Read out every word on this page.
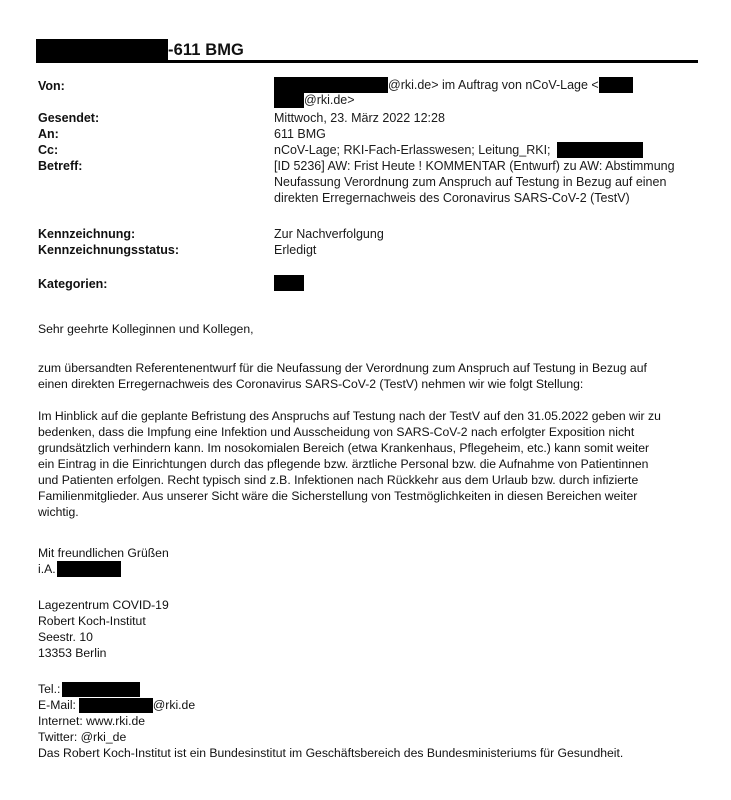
-611 BMG
Von:	@rki.de> im Auftrag von nCoV-Lage <
@rki.de>
Gesendet:	Mittwoch, 23. März 2022 12:28
An:	611 BMG
Cc:	nCoV-Lage; RKI-Fach-Erlasswesen; Leitung_RKI;
Betreff:	[ID 5236] AW: Frist Heute ! KOMMENTAR (Entwurf) zu AW: Abstimmung
Neufassung Verordnung zum Anspruch auf Testung in Bezug auf einen
direkten Erregernachweis des Coronavirus SARS-CoV-2 (TestV)
Kennzeichnung:	Zur Nachverfolgung
Kennzeichnungsstatus:	Erledigt
Kategorien:
Sehr geehrte Kolleginnen und Kollegen,
zum übersandten Referentenentwurf für die Neufassung der Verordnung zum Anspruch auf Testung in Bezug auf
einen direkten Erregernachweis des Coronavirus SARS-CoV-2 (TestV) nehmen wir wie folgt Stellung:
Im Hinblick auf die geplante Befristung des Anspruchs auf Testung nach der TestV auf den 31.05.2022 geben wir zu
bedenken, dass die Impfung eine Infektion und Ausscheidung von SARS-CoV-2 nach erfolgter Exposition nicht
grundsätzlich verhindern kann. Im nosokomialen Bereich (etwa Krankenhaus, Pflegeheim, etc.) kann somit weiter
ein Eintrag in die Einrichtungen durch das pflegende bzw. ärztliche Personal bzw. die Aufnahme von Patientinnen
und Patienten erfolgen. Recht typisch sind z.B. Infektionen nach Rückkehr aus dem Urlaub bzw. durch infizierte
Familienmitglieder. Aus unserer Sicht wäre die Sicherstellung von Testmöglichkeiten in diesen Bereichen weiter
wichtig.
Mit freundlichen Grüßen
i.A.
Lagezentrum COVID-19
Robert Koch-Institut
Seestr. 10
13353 Berlin
Tel.:
E-Mail:	@rki.de
Internet: www.rki.de
Twitter: @rki_de
Das Robert Koch-Institut ist ein Bundesinstitut im Geschäftsbereich des Bundesministeriums für Gesundheit.
